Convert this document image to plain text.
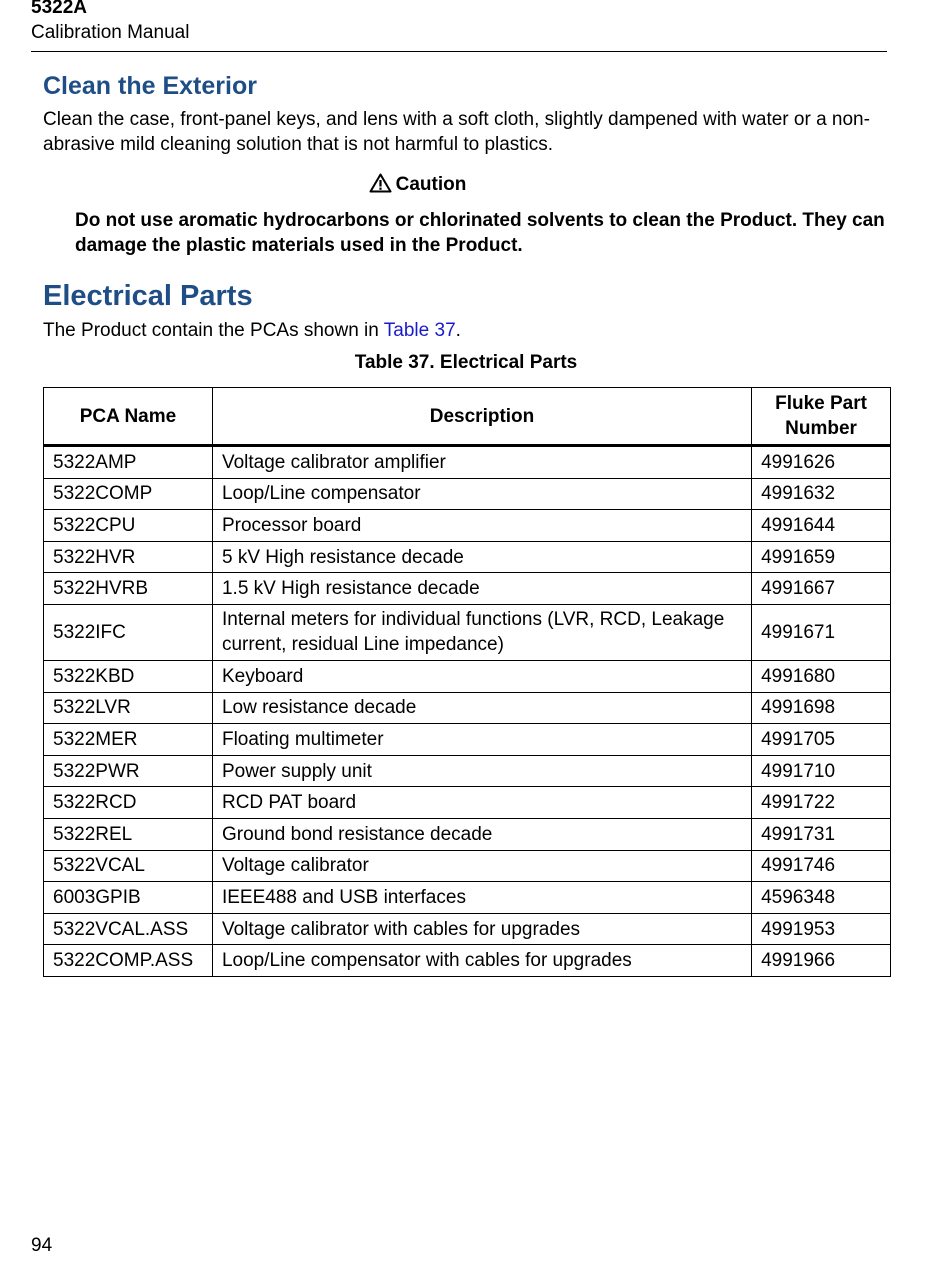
5322A
Calibration Manual
Clean the Exterior
Clean the case, front-panel keys, and lens with a soft cloth, slightly dampened with water or a non-abrasive mild cleaning solution that is not harmful to plastics.
Caution
Do not use aromatic hydrocarbons or chlorinated solvents to clean the Product. They can damage the plastic materials used in the Product.
Electrical Parts
The Product contain the PCAs shown in Table 37.
Table 37. Electrical Parts
PCA Name	Description	Fluke Part Number
5322AMP	Voltage calibrator amplifier	4991626
5322COMP	Loop/Line compensator	4991632
5322CPU	Processor board	4991644
5322HVR	5 kV High resistance decade	4991659
5322HVRB	1.5 kV High resistance decade	4991667
5322IFC	Internal meters for individual functions (LVR, RCD, Leakage current, residual Line impedance)	4991671
5322KBD	Keyboard	4991680
5322LVR	Low resistance decade	4991698
5322MER	Floating multimeter	4991705
5322PWR	Power supply unit	4991710
5322RCD	RCD PAT board	4991722
5322REL	Ground bond resistance decade	4991731
5322VCAL	Voltage calibrator	4991746
6003GPIB	IEEE488 and USB interfaces	4596348
5322VCAL.ASS	Voltage calibrator with cables for upgrades	4991953
5322COMP.ASS	Loop/Line compensator with cables for upgrades	4991966
94
